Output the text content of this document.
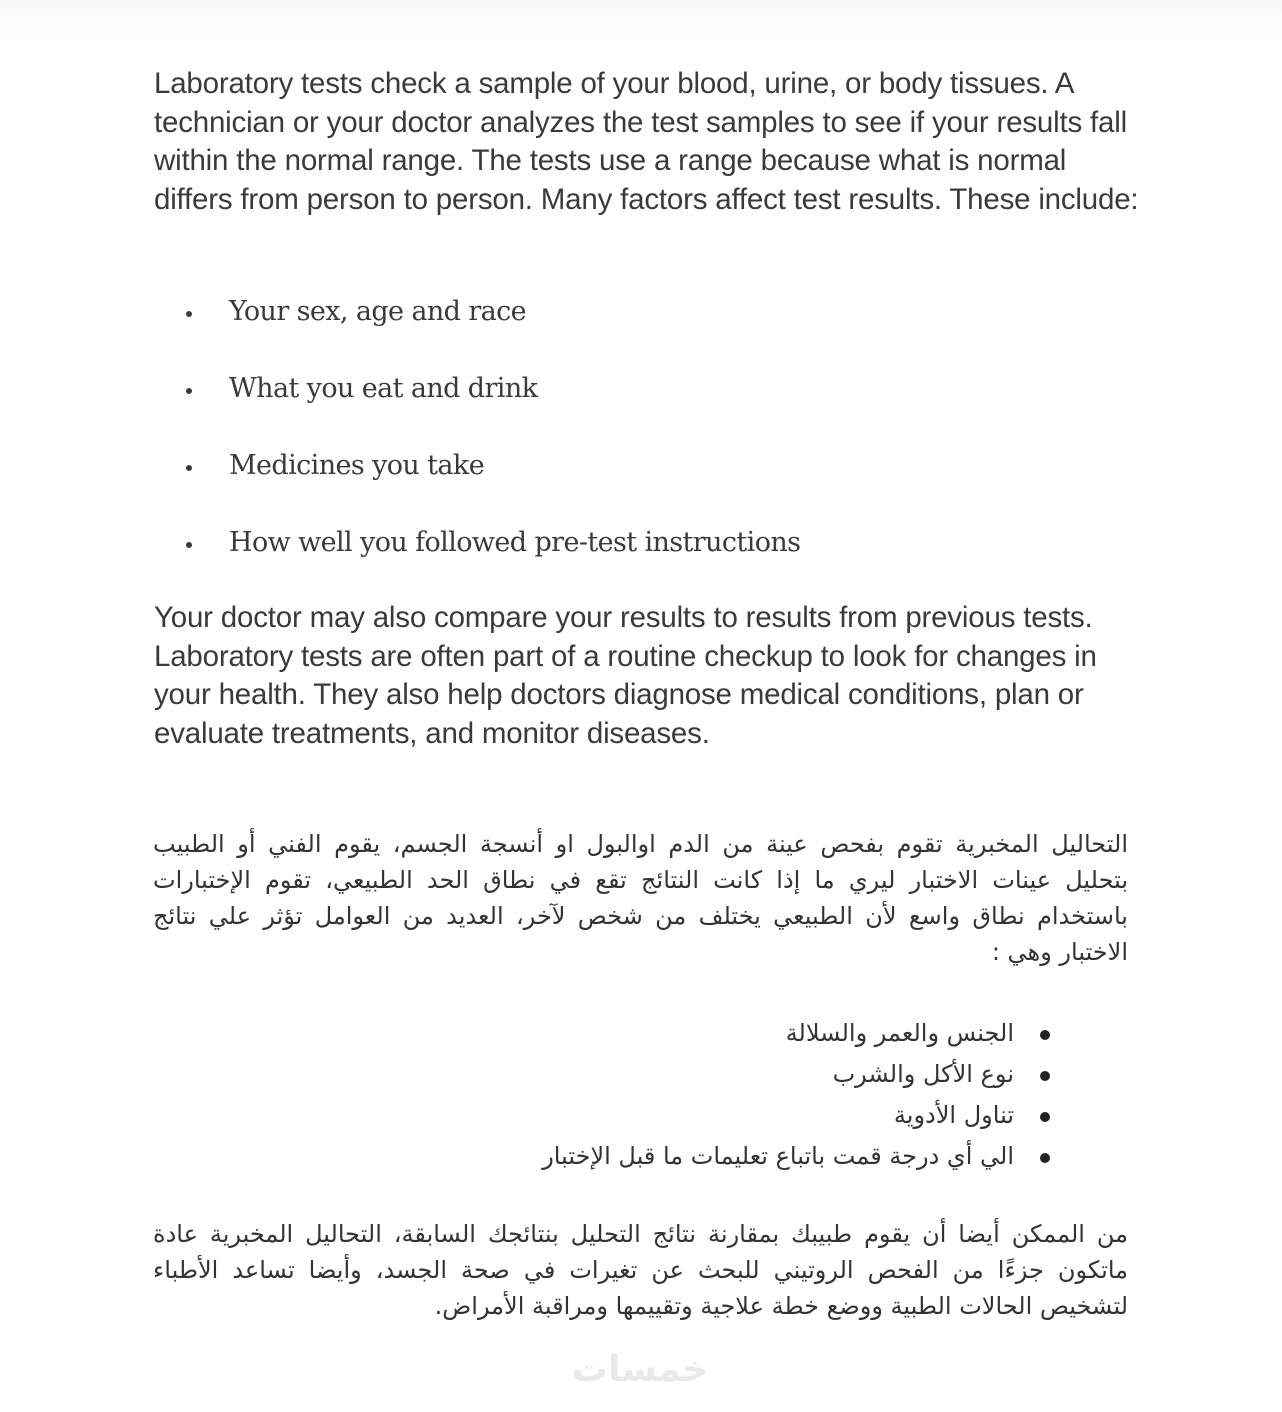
Laboratory tests check a sample of your blood, urine, or body tissues. A technician or your doctor analyzes the test samples to see if your results fall within the normal range. The tests use a range because what is normal differs from person to person. Many factors affect test results. These include:

Your sex, age and race
What you eat and drink
Medicines you take
How well you followed pre-test instructions

Your doctor may also compare your results to results from previous tests. Laboratory tests are often part of a routine checkup to look for changes in your health. They also help doctors diagnose medical conditions, plan or evaluate treatments, and monitor diseases.

التحاليل المخبرية تقوم بفحص عينة من الدم اوالبول او أنسجة الجسم، يقوم الفني أو الطبيب بتحليل عينات الاختبار ليري ما إذا كانت النتائج تقع في نطاق الحد الطبيعي، تقوم الإختبارات باستخدام نطاق واسع لأن الطبيعي يختلف من شخص لآخر، العديد من العوامل تؤثر علي نتائج الاختبار وهي :

الجنس والعمر والسلالة
نوع الأكل والشرب
تناول الأدوية
الي أي درجة قمت باتباع تعليمات ما قبل الإختبار

من الممكن أيضا أن يقوم طبيبك بمقارنة نتائج التحليل بنتائجك السابقة، التحاليل المخبرية عادة ماتكون جزءًا من الفحص الروتيني للبحث عن تغيرات في صحة الجسد، وأيضا تساعد الأطباء لتشخيص الحالات الطبية ووضع خطة علاجية وتقييمها ومراقبة الأمراض.

خمسات
